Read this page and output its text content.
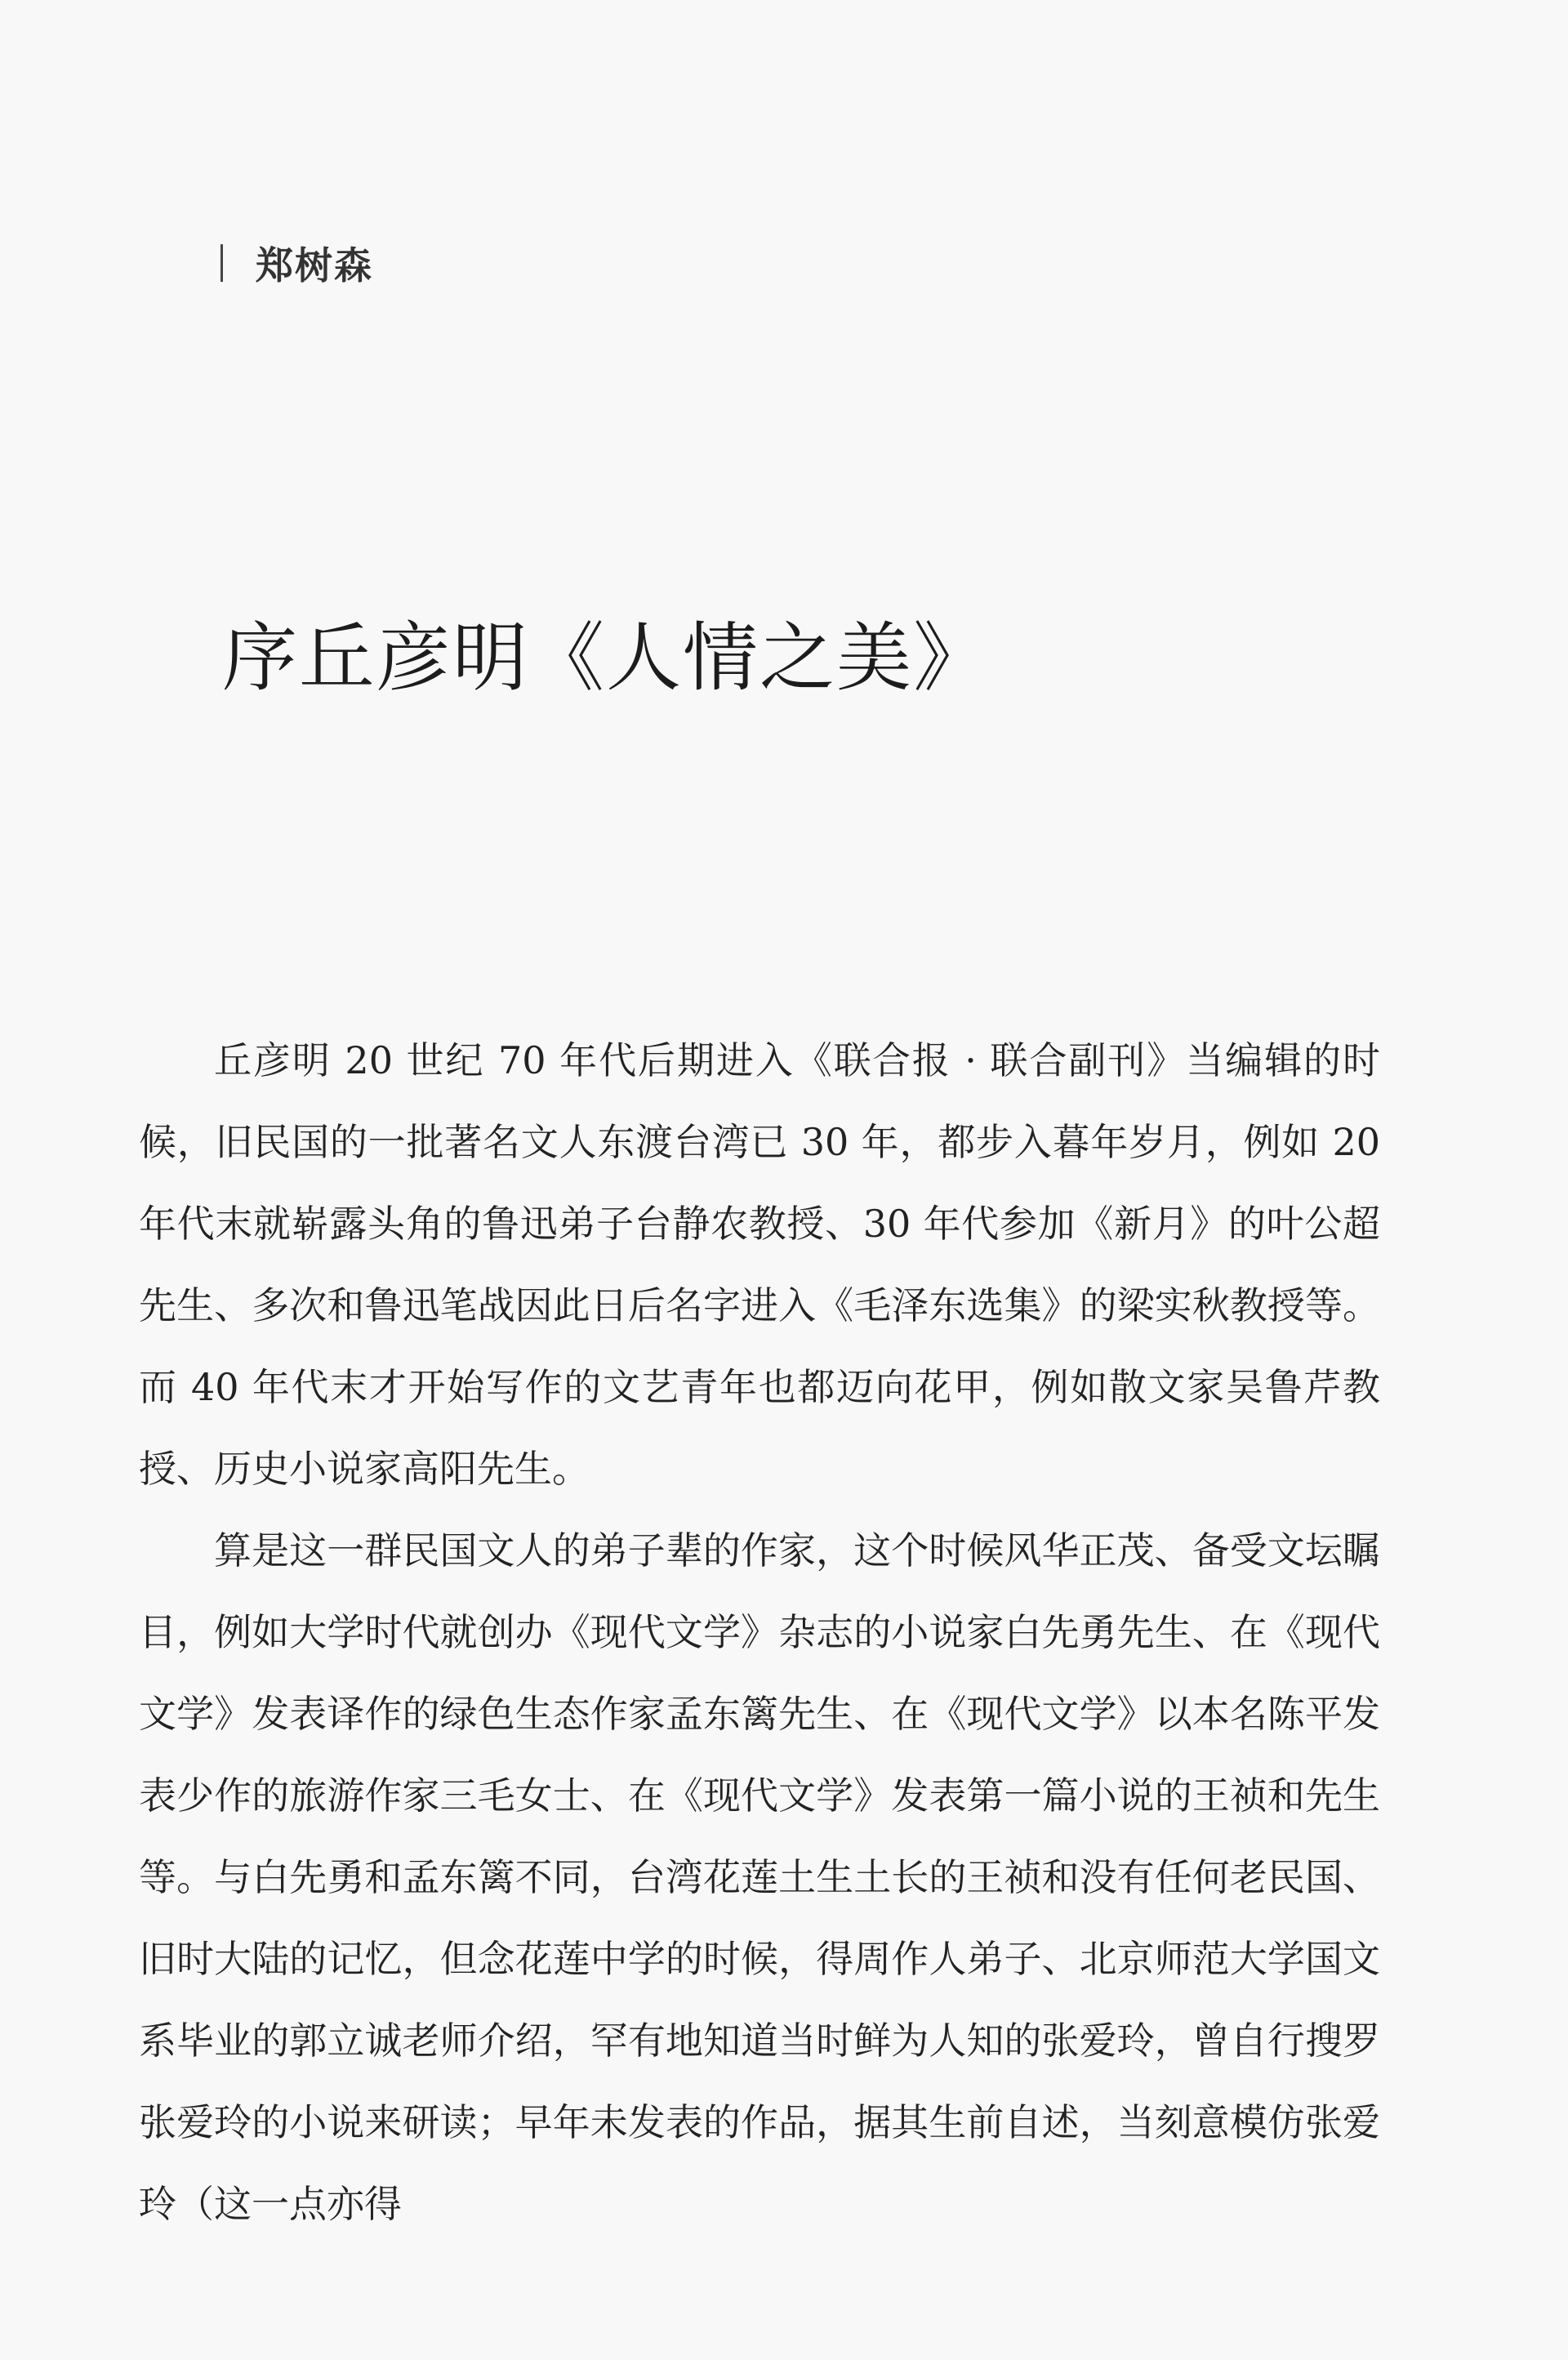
郑树森
序丘彦明《人情之美》

丘彦明 20 世纪 70 年代后期进入《联合报 · 联合副刊》当编辑的时候，旧民国的一批著名文人东渡台湾已 30 年，都步入暮年岁月，例如 20 年代末就崭露头角的鲁迅弟子台静农教授、30 年代参加《新月》的叶公超先生、多次和鲁迅笔战因此日后名字进入《毛泽东选集》的梁实秋教授等。而 40 年代末才开始写作的文艺青年也都迈向花甲，例如散文家吴鲁芹教授、历史小说家高阳先生。

算是这一群民国文人的弟子辈的作家，这个时候风华正茂、备受文坛瞩目，例如大学时代就创办《现代文学》杂志的小说家白先勇先生、在《现代文学》发表译作的绿色生态作家孟东篱先生、在《现代文学》以本名陈平发表少作的旅游作家三毛女士、在《现代文学》发表第一篇小说的王祯和先生等。与白先勇和孟东篱不同，台湾花莲土生土长的王祯和没有任何老民国、旧时大陆的记忆，但念花莲中学的时候，得周作人弟子、北京师范大学国文系毕业的郭立诚老师介绍，罕有地知道当时鲜为人知的张爱玲，曾自行搜罗张爱玲的小说来研读；早年未发表的作品，据其生前自述，当刻意模仿张爱玲（这一点亦得
